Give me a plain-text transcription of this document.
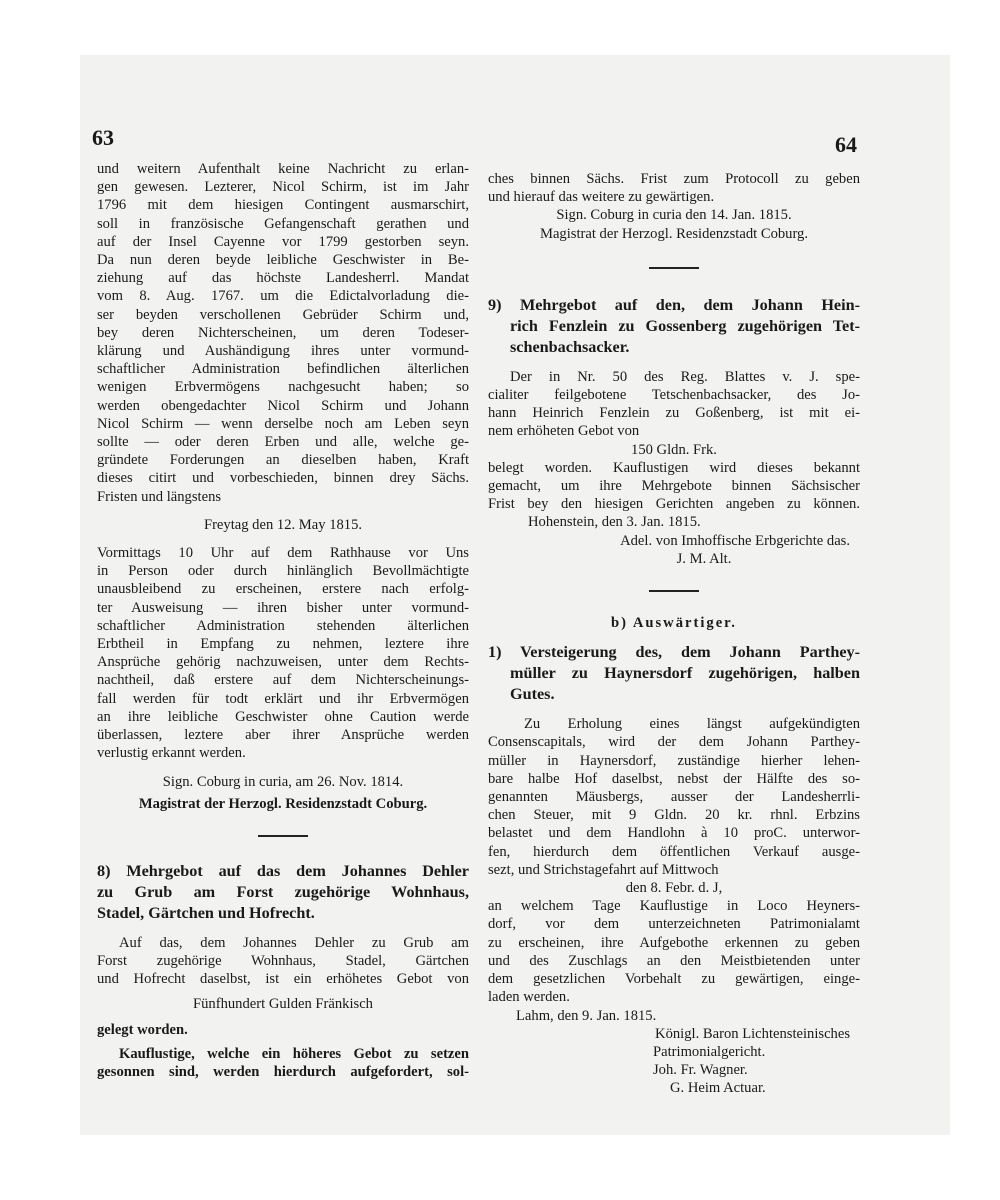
63	64
und weitern Aufenthalt keine Nachricht zu erlan-
gen gewesen. Lezterer, Nicol Schirm, ist im Jahr
1796 mit dem hiesigen Contingent ausmarschirt,
soll in französische Gefangenschaft gerathen und
auf der Insel Cayenne vor 1799 gestorben seyn.
Da nun deren beyde leibliche Geschwister in Be-
ziehung auf das höchste Landesherrl. Mandat
vom 8. Aug. 1767. um die Edictalvorladung die-
ser beyden verschollenen Gebrüder Schirm und,
bey deren Nichterscheinen, um deren Todeser-
klärung und Aushändigung ihres unter vormund-
schaftlicher Administration befindlichen älterlichen
wenigen Erbvermögens nachgesucht haben; so
werden obengedachter Nicol Schirm und Johann
Nicol Schirm — wenn derselbe noch am Leben seyn
sollte — oder deren Erben und alle, welche ge-
gründete Forderungen an dieselben haben, Kraft
dieses citirt und vorbeschieden, binnen drey Sächs.
Fristen und längstens
Freytag den 12. May 1815.
Vormittags 10 Uhr auf dem Rathhause vor Uns
in Person oder durch hinlänglich Bevollmächtigte
unausbleibend zu erscheinen, erstere nach erfolg-
ter Ausweisung — ihren bisher unter vormund-
schaftlicher Administration stehenden älterlichen
Erbtheil in Empfang zu nehmen, leztere ihre
Ansprüche gehörig nachzuweisen, unter dem Rechts-
nachtheil, daß erstere auf dem Nichterscheinungs-
fall werden für todt erklärt und ihr Erbvermögen
an ihre leibliche Geschwister ohne Caution werde
überlassen, leztere aber ihrer Ansprüche werden
verlustig erkannt werden.
Sign. Coburg in curia, am 26. Nov. 1814.
Magistrat der Herzogl. Residenzstadt Coburg.
8) Mehrgebot auf das dem Johannes Dehler
zu Grub am Forst zugehörige Wohnhaus,
Stadel, Gärtchen und Hofrecht.
Auf das, dem Johannes Dehler zu Grub am
Forst zugehörige Wohnhaus, Stadel, Gärtchen
und Hofrecht daselbst, ist ein erhöhetes Gebot von
Fünfhundert Gulden Fränkisch
gelegt worden.
Kauflustige, welche ein höheres Gebot zu setzen
gesonnen sind, werden hierdurch aufgefordert, sol-
ches binnen Sächs. Frist zum Protocoll zu geben
und hierauf das weitere zu gewärtigen.
Sign. Coburg in curia den 14. Jan. 1815.
Magistrat der Herzogl. Residenzstadt Coburg.
9) Mehrgebot auf den, dem Johann Hein-
rich Fenzlein zu Gossenberg zugehörigen Tet-
schenbachsacker.
Der in Nr. 50 des Reg. Blattes v. J. spe-
cialiter feilgebotene Tetschenbachsacker, des Jo-
hann Heinrich Fenzlein zu Goßenberg, ist mit ei-
nem erhöheten Gebot von
150 Gldn. Frk.
belegt worden. Kauflustigen wird dieses bekannt
gemacht, um ihre Mehrgebote binnen Sächsischer
Frist bey den hiesigen Gerichten angeben zu können.
Hohenstein, den 3. Jan. 1815.
Adel. von Imhoffische Erbgerichte das.
J. M. Alt.
b) Auswärtiger.
1) Versteigerung des, dem Johann Parthey-
müller zu Haynersdorf zugehörigen, halben
Gutes.
Zu Erholung eines längst aufgekündigten
Consenscapitals, wird der dem Johann Parthey-
müller in Haynersdorf, zuständige hierher lehen-
bare halbe Hof daselbst, nebst der Hälfte des so-
genannten Mäusbergs, ausser der Landesherrli-
chen Steuer, mit 9 Gldn. 20 kr. rhnl. Erbzins
belastet und dem Handlohn à 10 proC. unterwor-
fen, hierdurch dem öffentlichen Verkauf ausge-
sezt, und Strichstagefahrt auf Mittwoch
den 8. Febr. d. J,
an welchem Tage Kauflustige in Loco Heyners-
dorf, vor dem unterzeichneten Patrimonialamt
zu erscheinen, ihre Aufgebothe erkennen zu geben
und des Zuschlags an den Meistbietenden unter
dem gesetzlichen Vorbehalt zu gewärtigen, einge-
laden werden.
Lahm, den 9. Jan. 1815.
Königl. Baron Lichtensteinisches
Patrimonialgericht.
Joh. Fr. Wagner.
G. Heim Actuar.
